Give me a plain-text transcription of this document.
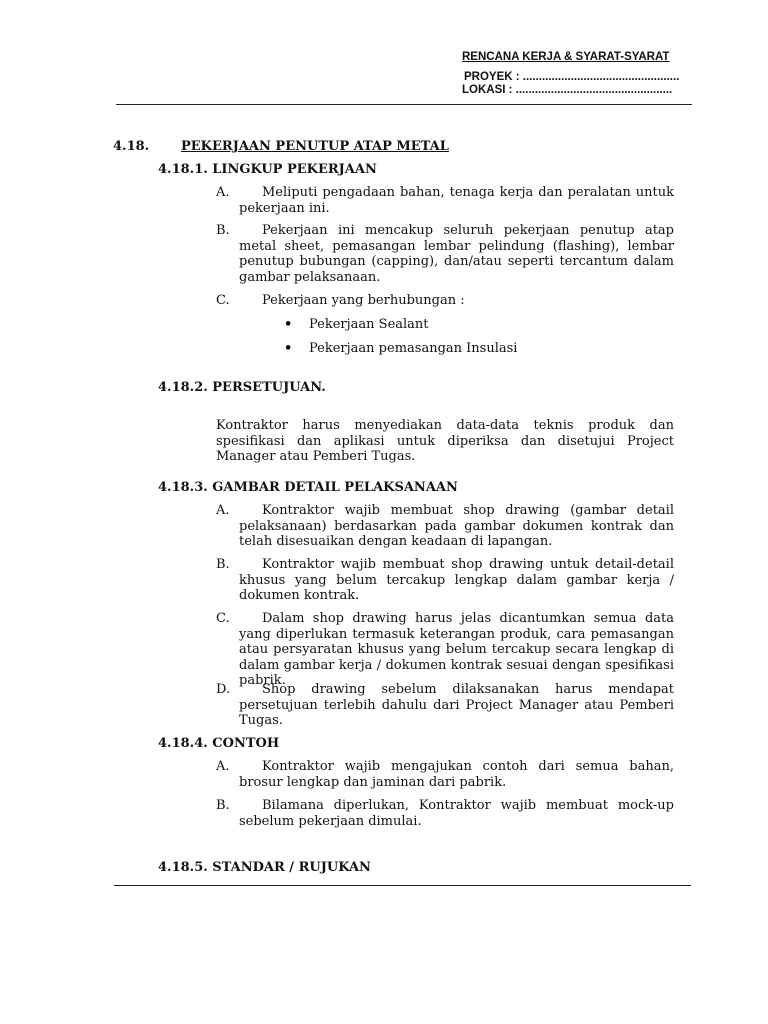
RENCANA KERJA & SYARAT-SYARAT
PROYEK : .................................................
LOKASI : .................................................
4.18. PEKERJAAN PENUTUP ATAP METAL
4.18.1. LINGKUP PEKERJAAN
A.	Meliputi pengadaan bahan, tenaga kerja dan peralatan untuk pekerjaan ini.
B.	Pekerjaan ini mencakup seluruh pekerjaan penutup atap metal sheet, pemasangan lembar pelindung (flashing), lembar penutup bubungan (capping), dan/atau seperti tercantum dalam gambar pelaksanaan.
C.	Pekerjaan yang berhubungan :
• Pekerjaan Sealant
• Pekerjaan pemasangan Insulasi
4.18.2. PERSETUJUAN.
Kontraktor harus menyediakan data-data teknis produk dan spesifikasi dan aplikasi untuk diperiksa dan disetujui Project Manager atau Pemberi Tugas.
4.18.3. GAMBAR DETAIL PELAKSANAAN
A.	Kontraktor wajib membuat shop drawing (gambar detail pelaksanaan) berdasarkan pada gambar dokumen kontrak dan telah disesuaikan dengan keadaan di lapangan.
B.	Kontraktor wajib membuat shop drawing untuk detail-detail khusus yang belum tercakup lengkap dalam gambar kerja / dokumen kontrak.
C.	Dalam shop drawing harus jelas dicantumkan semua data yang diperlukan termasuk keterangan produk, cara pemasangan atau persyaratan khusus yang belum tercakup secara lengkap di dalam gambar kerja / dokumen kontrak sesuai dengan spesifikasi pabrik.
D.	Shop drawing sebelum dilaksanakan harus mendapat persetujuan terlebih dahulu dari Project Manager atau Pemberi Tugas.
4.18.4. CONTOH
A.	Kontraktor wajib mengajukan contoh dari semua bahan, brosur lengkap dan jaminan dari pabrik.
B.	Bilamana diperlukan, Kontraktor wajib membuat mock-up sebelum pekerjaan dimulai.
4.18.5. STANDAR / RUJUKAN
